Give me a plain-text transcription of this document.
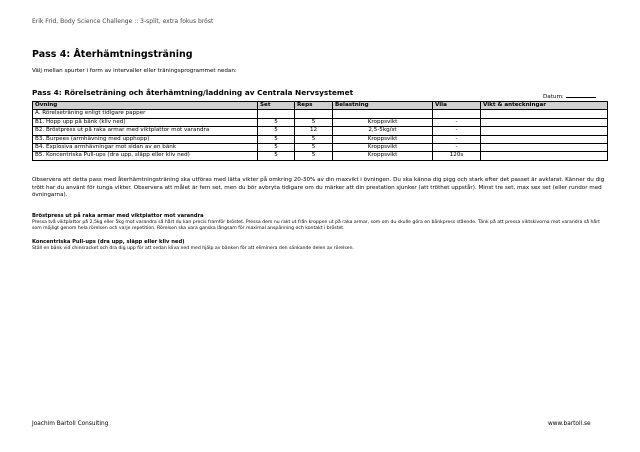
Erik Frid, Body Science Challenge :: 3-split, extra fokus bröst
Pass 4: Återhämtningsträning
Välj mellan spurter i form av intervaller eller träningsprogrammet nedan:
Pass 4: Rörelseträning och återhämtning/laddning av Centrala Nervsystemet	Datum:
Övning	Set	Reps	Belastning	Vila	Vikt & anteckningar
A. Rörelseträning enligt tidigare papper					
B1. Hopp upp på bänk (kliv ned)	5	5	Kroppsvikt	-	
B2. Bröstpress ut på raka armar med viktplattor mot varandra	5	12	2,5-5kg/st	-	
B3. Burpees (armhävning med upphopp)	5	5	Kroppsvikt	-	
B4. Explosiva armhävningar mot sidan av en bänk	5	5	Kroppsvikt	-	
B5. Koncentriska Pull-ups (dra upp, släpp eller kliv ned)	5	5	Kroppsvikt	120s	
Observera att detta pass med återhämtningsträning ska utföras med lätta vikter på omkring 20-30% av din maxvikt i övningen. Du ska känna dig pigg och stark efter det passet är avklarat. Känner du dig trött har du använt för tunga vikter. Observera att målet är fem set, men du bör avbryta tidigare om du märker att din prestation sjunker (att tröthet uppstår). Minst tre set, max sex set (eller rundor med övningarna).
Bröstpress ut på raka armar med viktplattor mot varandra
Pressa två viktplattor på 2,5kg eller 5kg mot varandra så hårt du kan precis framför bröstet. Pressa dem nu rakt ut från kroppen ut på raka armar, som om du skulle göra en bänkpress stående. Tänk på att pressa viktskivorna mot varandra så hårt som möjligt genom hela rörelsen och varje repetition. Rörelsen ska vara ganska långsam för maximal anspänning och kontakt i bröstet.
Koncentriska Pull-ups (dra upp, släpp eller kliv ned)
Ställ en bänk vid chinsracket och dra dig upp för att sedan kliva ned med hjälp av bänken för att eliminera den sänkande delen av rörelsen.
Joachim Bartoll Consulting	www.bartoll.se
